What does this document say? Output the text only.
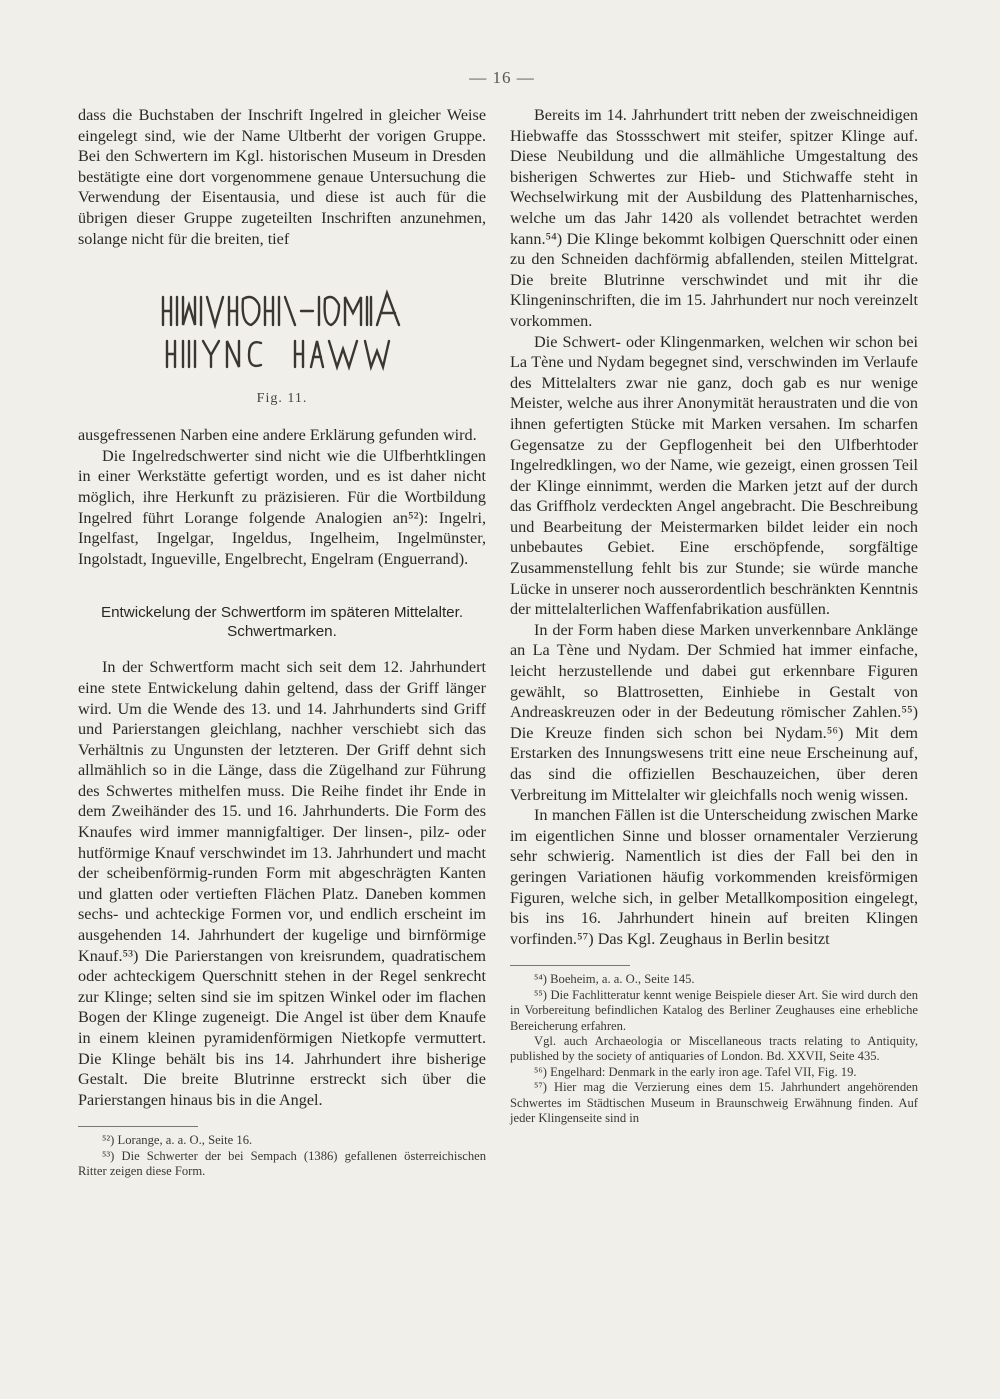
— 16 —

dass die Buchstaben der Inschrift Ingelred in gleicher Weise eingelegt sind, wie der Name Ultberht der vorigen Gruppe. Bei den Schwertern im Kgl. historischen Museum in Dresden bestätigte eine dort vorgenommene genaue Untersuchung die Verwendung der Eisentausia, und diese ist auch für die übrigen dieser Gruppe zugeteilten Inschriften anzunehmen, solange nicht für die breiten, tief

Fig. 11.

ausgefressenen Narben eine andere Erklärung gefunden wird.

Die Ingelredschwerter sind nicht wie die Ulfberhtklingen in einer Werkstätte gefertigt worden, und es ist daher nicht möglich, ihre Herkunft zu präzisieren. Für die Wortbildung Ingelred führt Lorange folgende Analogien an⁵²): Ingelri, Ingelfast, Ingelgar, Ingeldus, Ingelheim, Ingelmünster, Ingolstadt, Ingueville, Engelbrecht, Engelram (Enguerrand).

Entwickelung der Schwertform im späteren Mittelalter. Schwertmarken.

In der Schwertform macht sich seit dem 12. Jahrhundert eine stete Entwickelung dahin geltend, dass der Griff länger wird. Um die Wende des 13. und 14. Jahrhunderts sind Griff und Parierstangen gleichlang, nachher verschiebt sich das Verhältnis zu Ungunsten der letzteren. Der Griff dehnt sich allmählich so in die Länge, dass die Zügelhand zur Führung des Schwertes mithelfen muss. Die Reihe findet ihr Ende in dem Zweihänder des 15. und 16. Jahrhunderts. Die Form des Knaufes wird immer mannigfaltiger. Der linsen-, pilz- oder hutförmige Knauf verschwindet im 13. Jahrhundert und macht der scheibenförmig-runden Form mit abgeschrägten Kanten und glatten oder vertieften Flächen Platz. Daneben kommen sechs- und achteckige Formen vor, und endlich erscheint im ausgehenden 14. Jahrhundert der kugelige und birnförmige Knauf.⁵³) Die Parierstangen von kreisrundem, quadratischem oder achteckigem Querschnitt stehen in der Regel senkrecht zur Klinge; selten sind sie im spitzen Winkel oder im flachen Bogen der Klinge zugeneigt. Die Angel ist über dem Knaufe in einem kleinen pyramidenförmigen Nietkopfe vermuttert. Die Klinge behält bis ins 14. Jahrhundert ihre bisherige Gestalt. Die breite Blutrinne erstreckt sich über die Parierstangen hinaus bis in die Angel.

⁵²) Lorange, a. a. O., Seite 16.

⁵³) Die Schwerter der bei Sempach (1386) gefallenen österreichischen Ritter zeigen diese Form.

Bereits im 14. Jahrhundert tritt neben der zweischneidigen Hiebwaffe das Stossschwert mit steifer, spitzer Klinge auf. Diese Neubildung und die allmähliche Umgestaltung des bisherigen Schwertes zur Hieb- und Stichwaffe steht in Wechselwirkung mit der Ausbildung des Plattenharnisches, welche um das Jahr 1420 als vollendet betrachtet werden kann.⁵⁴) Die Klinge bekommt kolbigen Querschnitt oder einen zu den Schneiden dachförmig abfallenden, steilen Mittelgrat. Die breite Blutrinne verschwindet und mit ihr die Klingeninschriften, die im 15. Jahrhundert nur noch vereinzelt vorkommen.

Die Schwert- oder Klingenmarken, welchen wir schon bei La Tène und Nydam begegnet sind, verschwinden im Verlaufe des Mittelalters zwar nie ganz, doch gab es nur wenige Meister, welche aus ihrer Anonymität heraustraten und die von ihnen gefertigten Stücke mit Marken versahen. Im scharfen Gegensatze zu der Gepflogenheit bei den Ulfberhtoder Ingelredklingen, wo der Name, wie gezeigt, einen grossen Teil der Klinge einnimmt, werden die Marken jetzt auf der durch das Griffholz verdeckten Angel angebracht. Die Beschreibung und Bearbeitung der Meistermarken bildet leider ein noch unbebautes Gebiet. Eine erschöpfende, sorgfältige Zusammenstellung fehlt bis zur Stunde; sie würde manche Lücke in unserer noch ausserordentlich beschränkten Kenntnis der mittelalterlichen Waffenfabrikation ausfüllen.

In der Form haben diese Marken unverkennbare Anklänge an La Tène und Nydam. Der Schmied hat immer einfache, leicht herzustellende und dabei gut erkennbare Figuren gewählt, so Blattrosetten, Einhiebe in Gestalt von Andreaskreuzen oder in der Bedeutung römischer Zahlen.⁵⁵) Die Kreuze finden sich schon bei Nydam.⁵⁶) Mit dem Erstarken des Innungswesens tritt eine neue Erscheinung auf, das sind die offiziellen Beschauzeichen, über deren Verbreitung im Mittelalter wir gleichfalls noch wenig wissen.

In manchen Fällen ist die Unterscheidung zwischen Marke im eigentlichen Sinne und blosser ornamentaler Verzierung sehr schwierig. Namentlich ist dies der Fall bei den in geringen Variationen häufig vorkommenden kreisförmigen Figuren, welche sich, in gelber Metallkomposition eingelegt, bis ins 16. Jahrhundert hinein auf breiten Klingen vorfinden.⁵⁷) Das Kgl. Zeughaus in Berlin besitzt

⁵⁴) Boeheim, a. a. O., Seite 145.

⁵⁵) Die Fachlitteratur kennt wenige Beispiele dieser Art. Sie wird durch den in Vorbereitung befindlichen Katalog des Berliner Zeughauses eine erhebliche Bereicherung erfahren.

Vgl. auch Archaeologia or Miscellaneous tracts relating to Antiquity, published by the society of antiquaries of London. Bd. XXVII, Seite 435.

⁵⁶) Engelhard: Denmark in the early iron age. Tafel VII, Fig. 19.

⁵⁷) Hier mag die Verzierung eines dem 15. Jahrhundert angehörenden Schwertes im Städtischen Museum in Braunschweig Erwähnung finden. Auf jeder Klingenseite sind in
